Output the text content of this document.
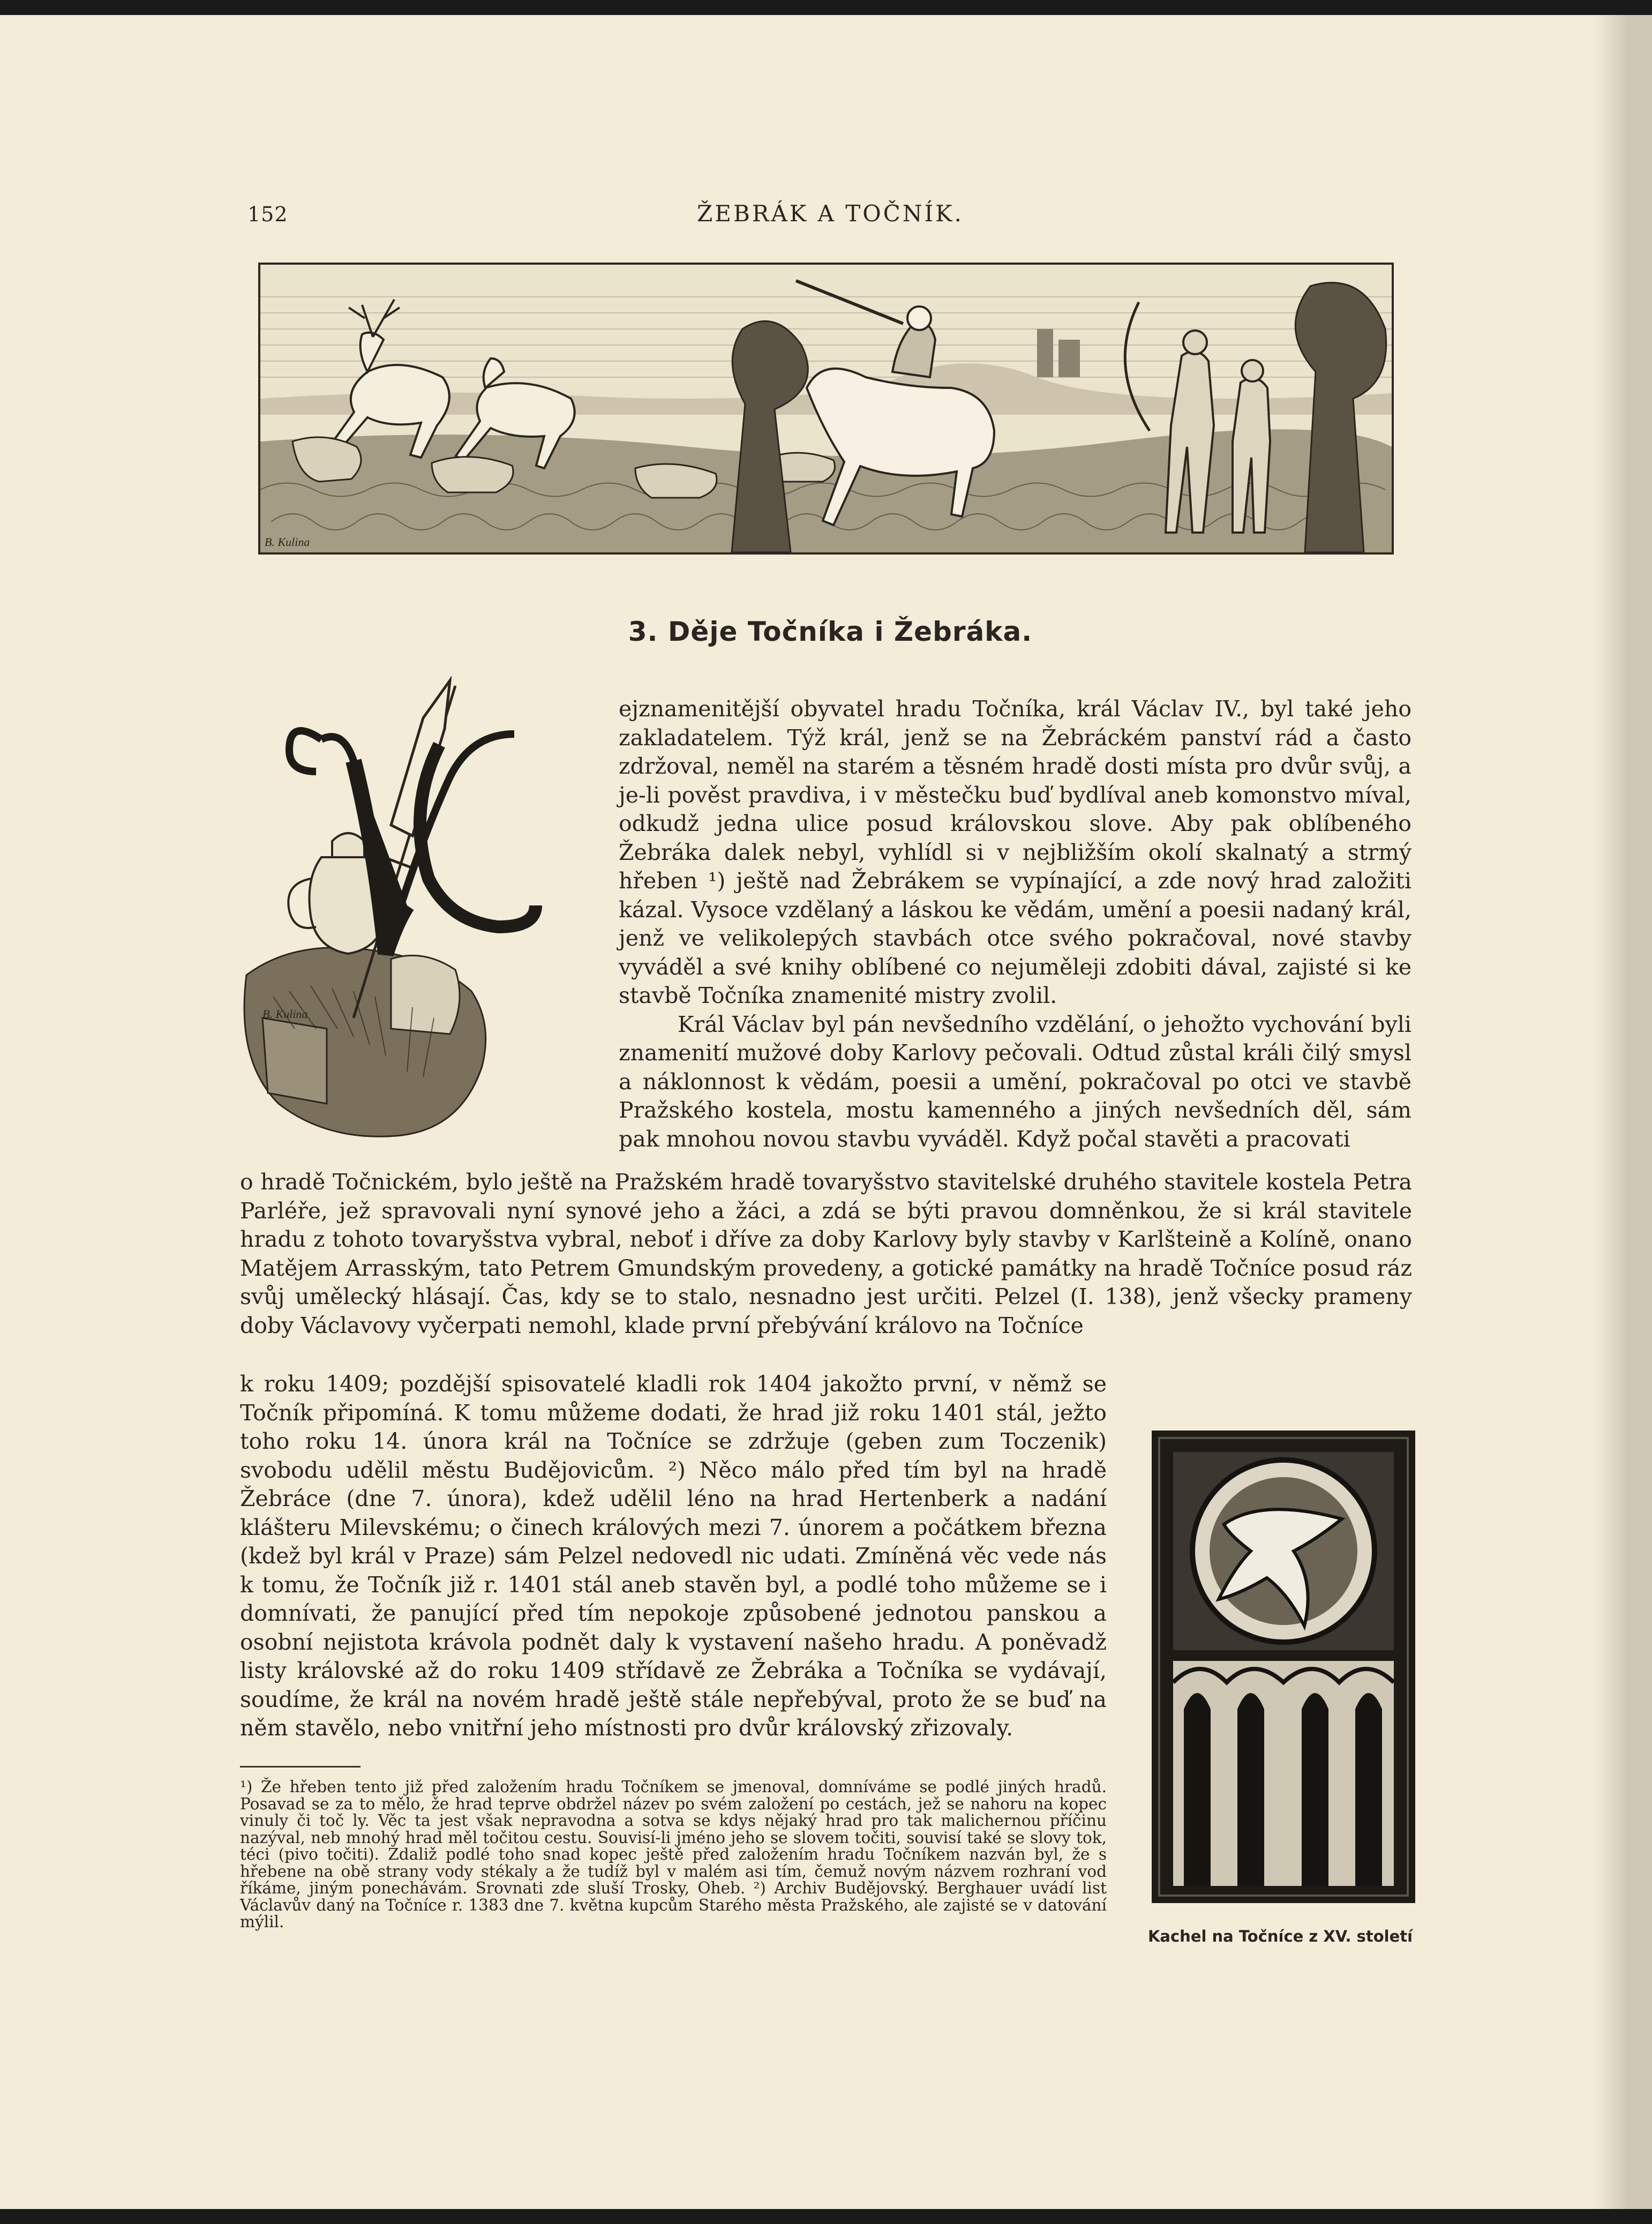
152	ŽEBRÁK A TOČNÍK.
B. Kulina
3. Děje Točníka i Žebráka.
B. Kulina

ejznamenitější obyvatel hradu Točníka, král Václav IV., byl také jeho zakladatelem. Týž král, jenž se na Žebráckém panství rád a často zdržoval, neměl na starém a těsném hradě dosti místa pro dvůr svůj, a je-li pověst pravdiva, i v městečku buď bydlíval aneb komonstvo míval, odkudž jedna ulice posud královskou slove. Aby pak oblíbeného Žebráka dalek nebyl, vyhlídl si v nejbližším okolí skalnatý a strmý hřeben ¹) ještě nad Žebrákem se vypínající, a zde nový hrad založiti kázal. Vysoce vzdělaný a láskou ke vědám, umění a poesii nadaný král, jenž ve velikolepých stavbách otce svého pokračoval, nové stavby vyváděl a své knihy oblíbené co nejuměleji zdobiti dával, zajisté si ke stavbě Točníka znamenité mistry zvolil.

Král Václav byl pán nevšedního vzdělání, o jehožto vychování byli znamenití mužové doby Karlovy pečovali. Odtud zůstal králi čilý smysl a náklonnost k vědám, poesii a umění, pokračoval po otci ve stavbě Pražského kostela, mostu kamenného a jiných nevšedních děl, sám pak mnohou novou stavbu vyváděl. Když počal stavěti a pracovati

o hradě Točnickém, bylo ještě na Pražském hradě tovaryšstvo stavitelské druhého stavitele kostela Petra Parléře, jež spravovali nyní synové jeho a žáci, a zdá se býti pravou domněnkou, že si král stavitele hradu z tohoto tovaryšstva vybral, neboť i dříve za doby Karlovy byly stavby v Karlšteině a Kolíně, onano Matějem Arrasským, tato Petrem Gmundským provedeny, a gotické památky na hradě Točníce posud ráz svůj umělecký hlásají. Čas, kdy se to stalo, nesnadno jest určiti. Pelzel (I. 138), jenž všecky prameny doby Václavovy vyčerpati nemohl, klade první přebývání královo na Točníce

k roku 1409; pozdější spisovatelé kladli rok 1404 jakožto první, v němž se Točník připomíná. K tomu můžeme dodati, že hrad již roku 1401 stál, ježto toho roku 14. února král na Točníce se zdržuje (geben zum Toczenik) svobodu udělil městu Budějovicům. ²) Něco málo před tím byl na hradě Žebráce (dne 7. února), kdež udělil léno na hrad Hertenberk a nadání klášteru Milevskému; o činech králových mezi 7. únorem a počátkem března (kdež byl král v Praze) sám Pelzel nedovedl nic udati. Zmíněná věc vede nás k tomu, že Točník již r. 1401 stál aneb stavěn byl, a podlé toho můžeme se i domnívati, že panující před tím nepokoje způsobené jednotou panskou a osobní nejistota krávola podnět daly k vystavení našeho hradu. A poněvadž listy královské až do roku 1409 střídavě ze Žebráka a Točníka se vydávají, soudíme, že král na novém hradě ještě stále nepřebýval, proto že se buď na něm stavělo, nebo vnitřní jeho místnosti pro dvůr královský zřizovaly.

¹) Že hřeben tento již před založením hradu Točníkem se jmenoval, domníváme se podlé jiných hradů. Posavad se za to mělo, že hrad teprve obdržel název po svém založení po cestách, jež se nahoru na kopec vinuly či toč ly. Věc ta jest však nepravodna a sotva se kdys nějaký hrad pro tak malichernou příčinu nazýval, neb mnohý hrad měl točitou cestu. Souvisí-li jméno jeho se slovem točiti, souvisí také se slovy tok, téci (pivo točiti). Zdaliž podlé toho snad kopec ještě před založením hradu Točníkem nazván byl, že s hřebene na obě strany vody stékaly a že tudíž byl v malém asi tím, čemuž novým názvem rozhraní vod říkáme, jiným ponechávám. Srovnati zde sluší Trosky, Oheb. ²) Archiv Budějovský. Berghauer uvádí list Václavův daný na Točníce r. 1383 dne 7. května kupcům Starého města Pražského, ale zajisté se v datování mýlil.

Kachel na Točníce z XV. století
